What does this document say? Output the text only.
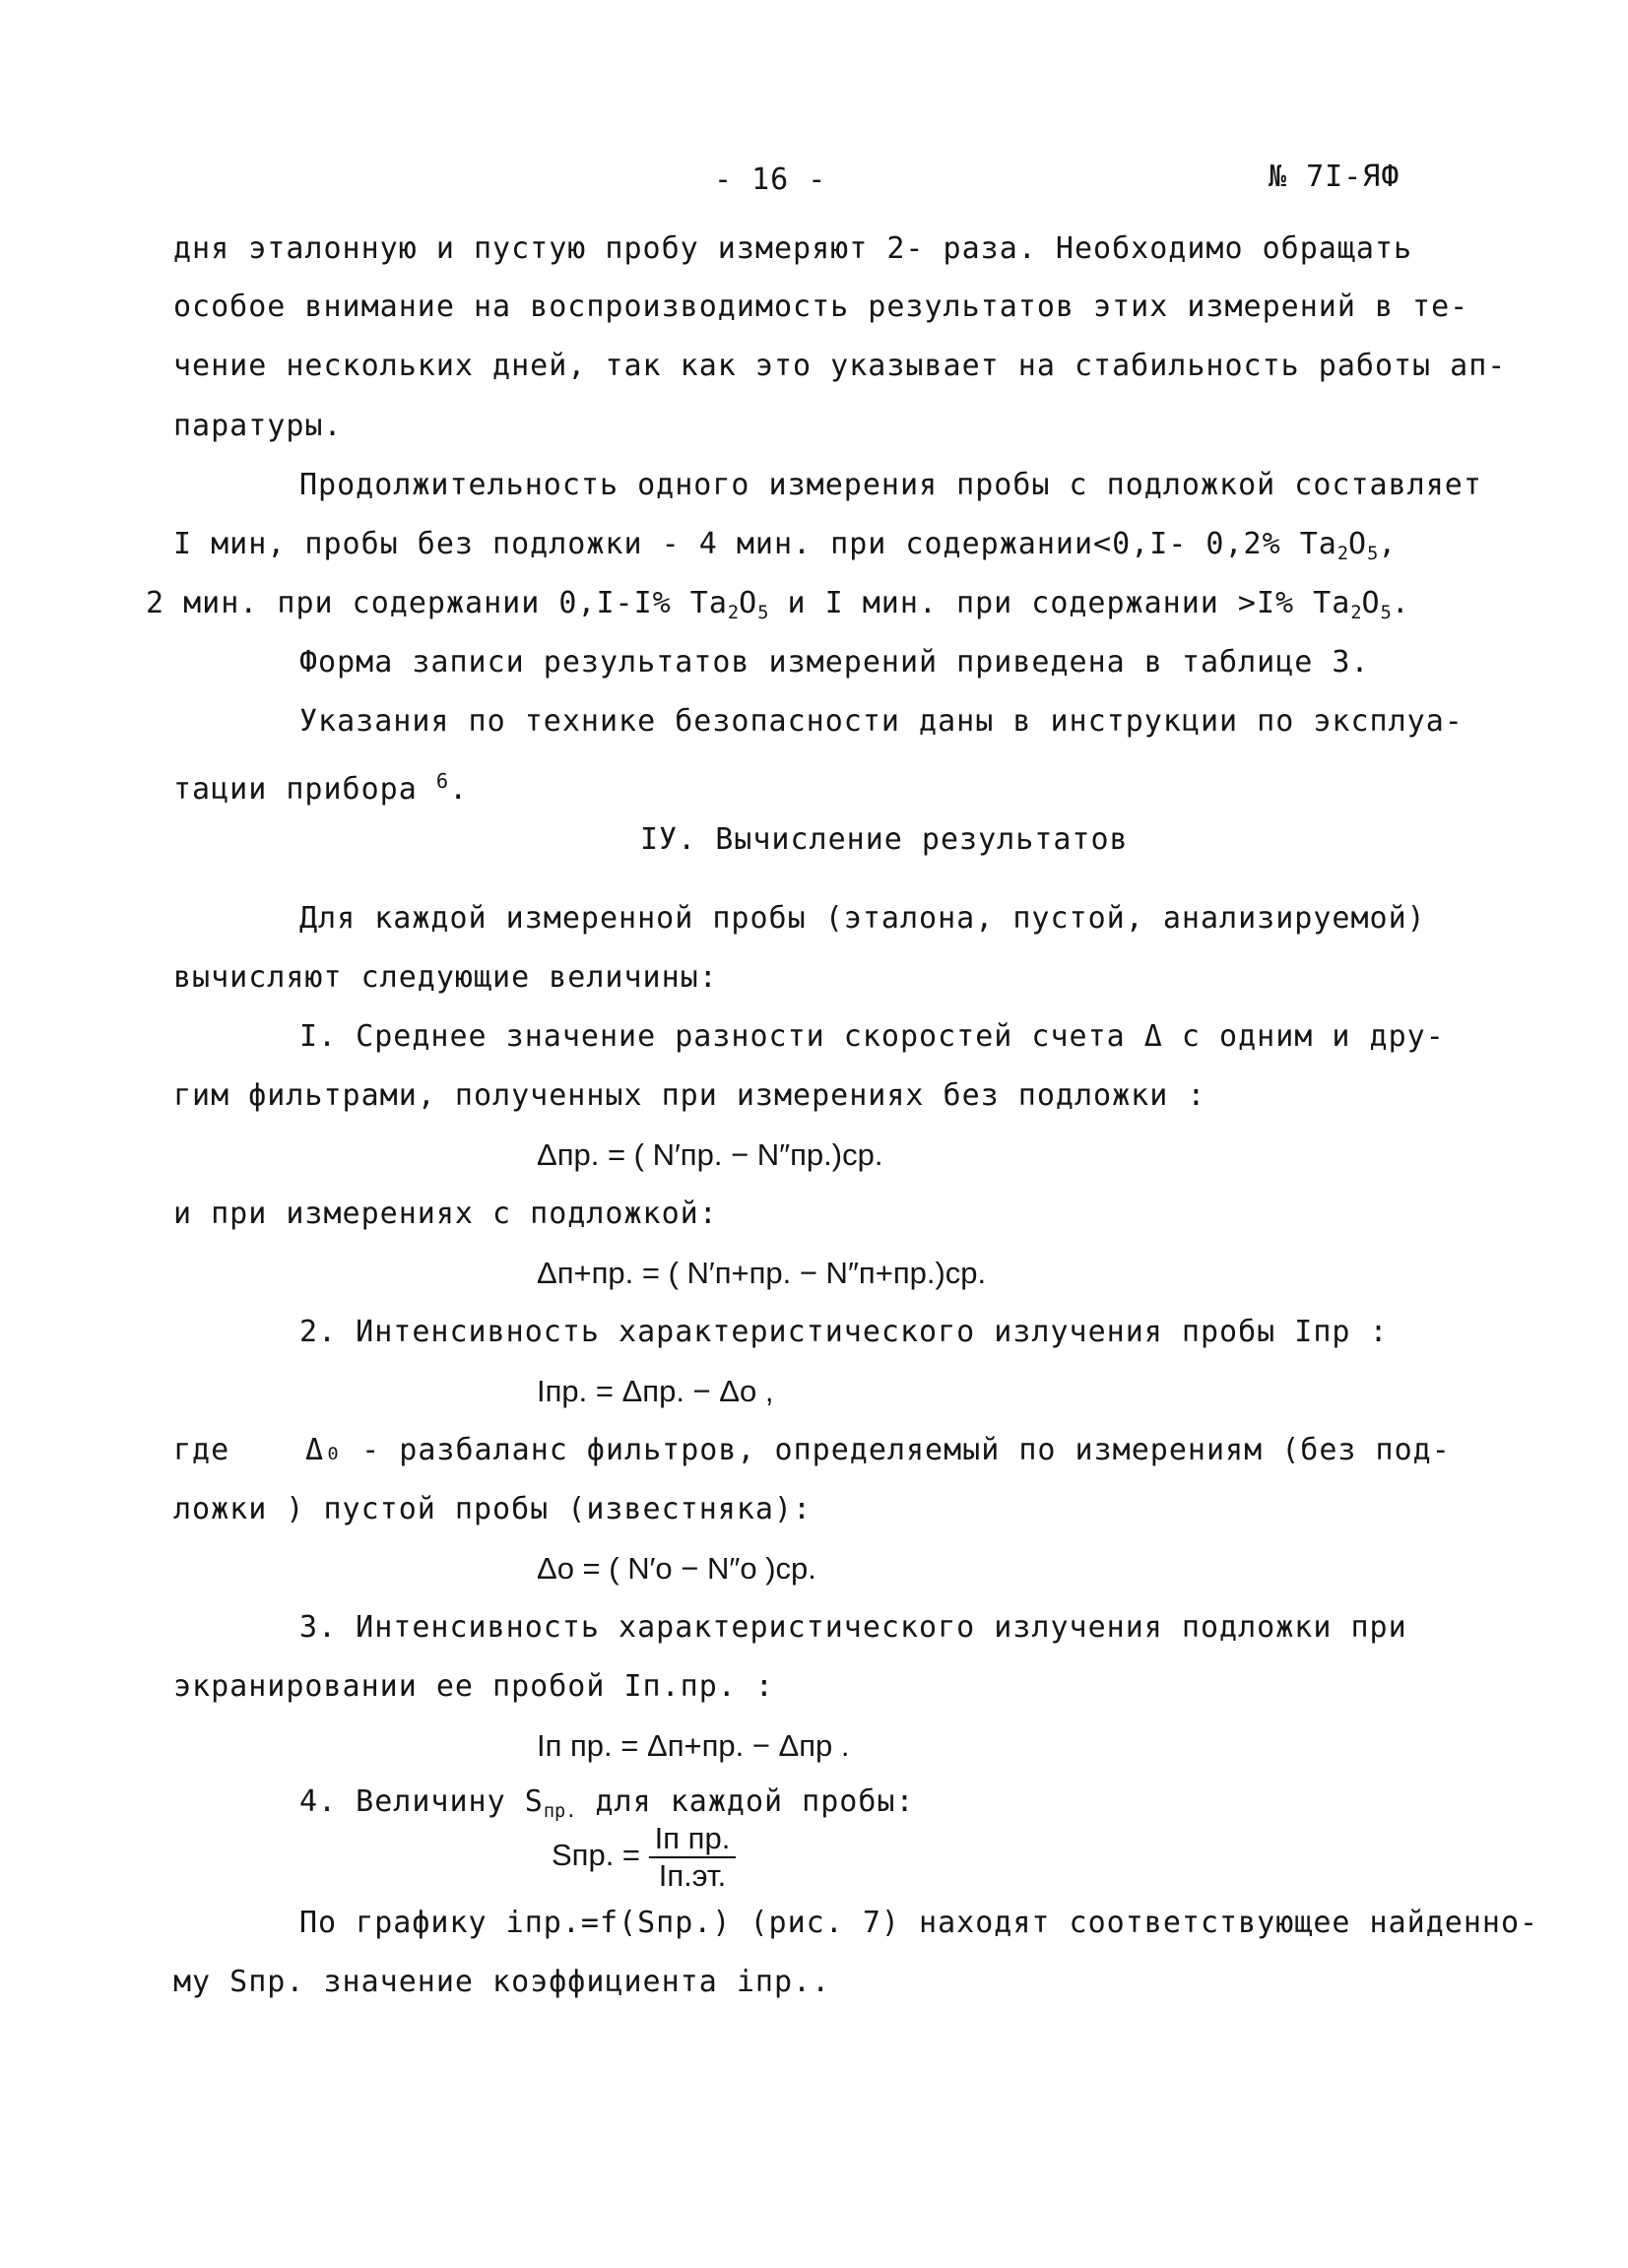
- 16 -	№ 7I-ЯФ
дня эталонную и пустую пробу измеряют 2- раза. Необходимо обращать
особое внимание на воспроизводимость результатов этих измерений в те-
чение нескольких дней, так как это указывает на стабильность работы ап-
паратуры.
Продолжительность одного измерения пробы с подложкой составляет
I мин, пробы без подложки - 4 мин. при содержании<0,I- 0,2% $Ta_2O_5$,
2 мин. при содержании 0,I-I% $Ta_2O_5$ и I мин. при содержании >I% $Ta_2O_5$.
Форма записи результатов измерений приведена в таблице 3.
Указания по технике безопасности даны в инструкции по эксплуа-
тации прибора $^6$.
IУ. Вычисление результатов
Для каждой измеренной пробы (эталона, пустой, анализируемой)
вычисляют следующие величины:
I. Среднее значение разности скоростей счета Δ с одним и дру-
гим фильтрами, полученных при измерениях без подложки :
Δпр. = ( N′пр. − N″пр.)ср.
и при измерениях с подложкой:
Δп+пр. = ( N′п+пр. − N″п+пр.)ср.
2. Интенсивность характеристического излучения пробы Iпр :
Iпр. = Δпр. − Δо ,
где	Δ₀ - разбаланс фильтров, определяемый по измерениям (без под-
ложки ) пустой пробы (известняка):
Δо = ( N′о − N″о )ср.
3. Интенсивность характеристического излучения подложки при
экранировании ее пробой Iп.пр. :
Iп пр. = Δп+пр. − Δпр .
4. Величину $S_{пр.}$ для каждой пробы:
Sпр. = $\frac{\text{Iп пр.}}{Iп.эт.}$
По графику iпр.=f(Sпр.) (рис. 7) находят соответствующее найденно-
му Sпр. значение коэффициента iпр..
